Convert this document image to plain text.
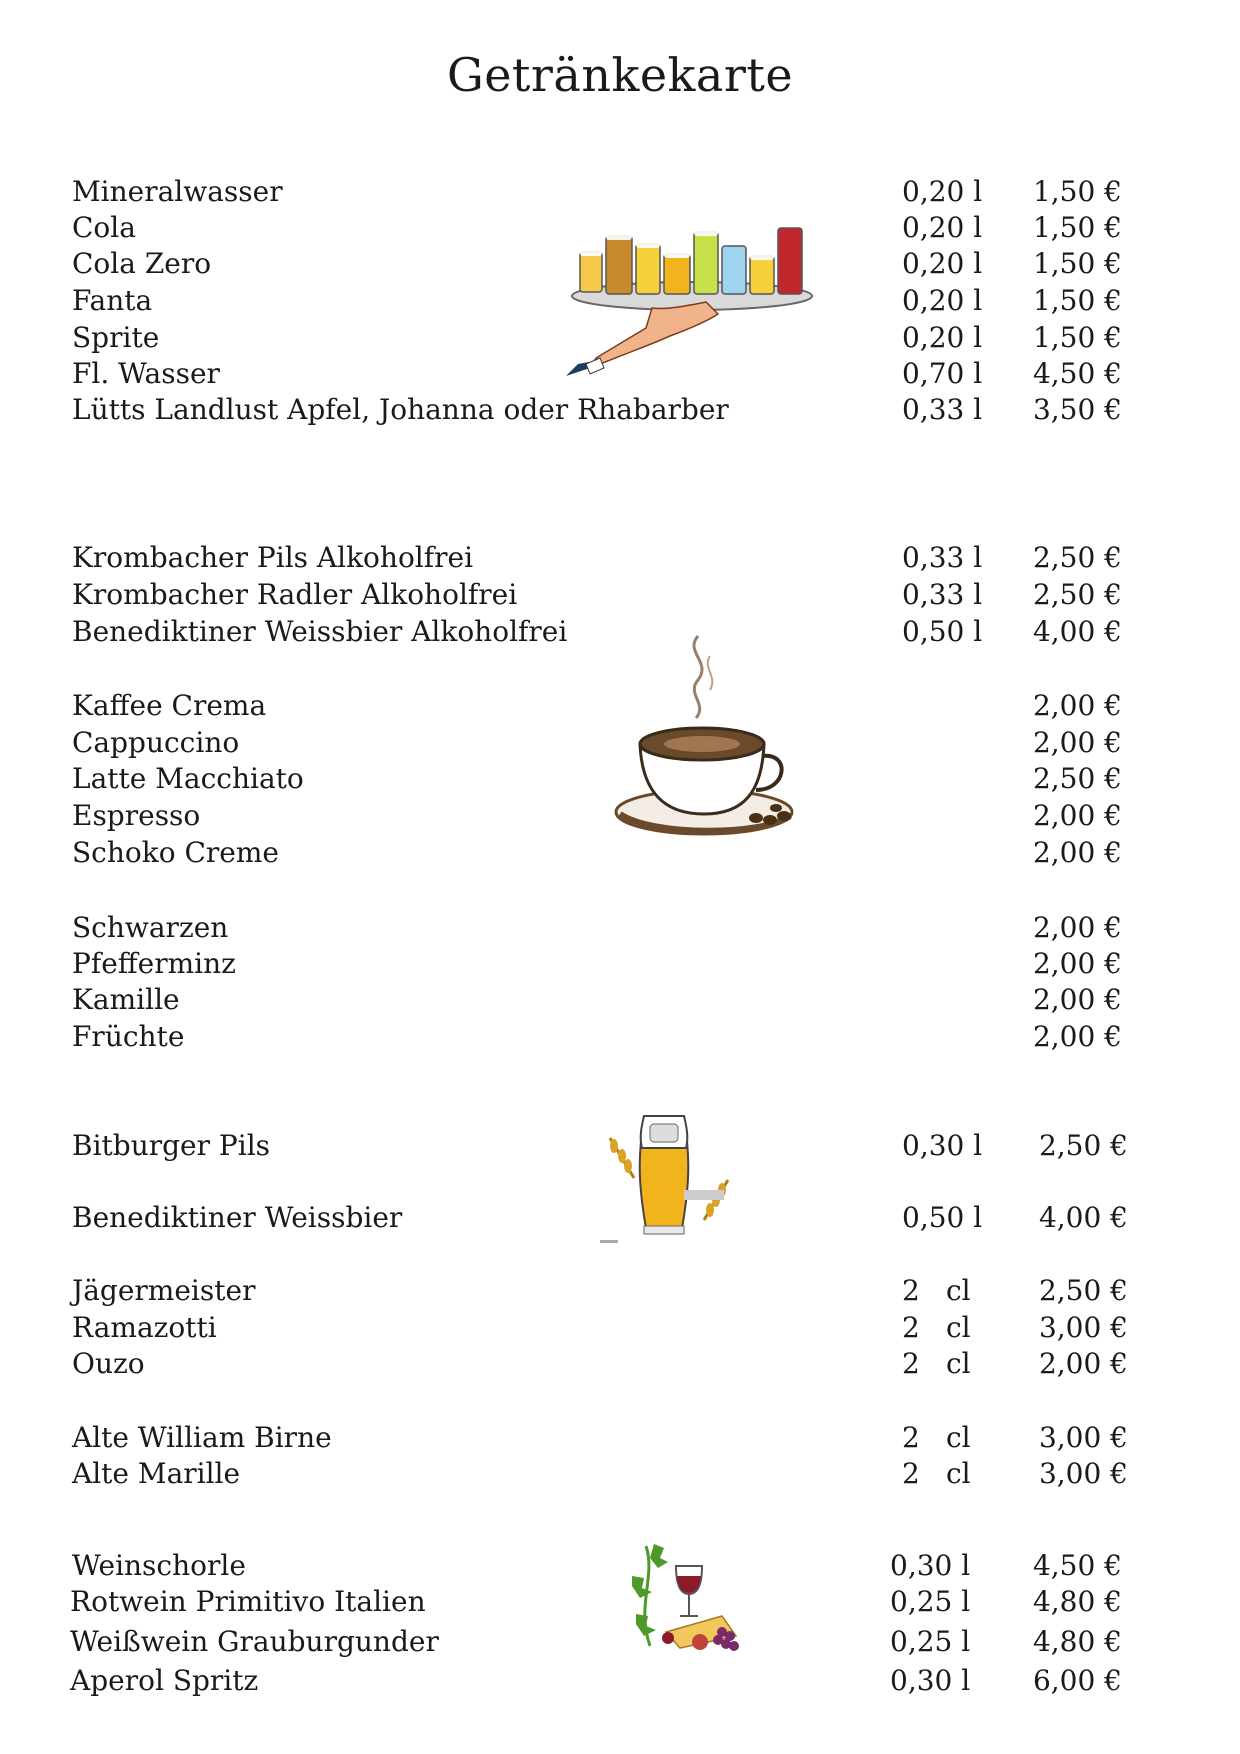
Getränkekarte
Mineralwasser	0,20 l 1,50 €
Cola	0,20 l 1,50 €
Cola Zero	0,20 l 1,50 €
Fanta	0,20 l 1,50 €
Sprite	0,20 l 1,50 €
Fl. Wasser	0,70 l 4,50 €
Lütts Landlust Apfel, Johanna oder Rhabarber	0,33 l 3,50 €
Krombacher Pils Alkoholfrei	0,33 l 2,50 €
Krombacher Radler Alkoholfrei	0,33 l 2,50 €
Benediktiner Weissbier Alkoholfrei	0,50 l 4,00 €
Kaffee Crema	2,00 €
Cappuccino	2,00 €
Latte Macchiato	2,50 €
Espresso	2,00 €
Schoko Creme	2,00 €
Schwarzen	2,00 €
Pfefferminz	2,00 €
Kamille	2,00 €
Früchte	2,00 €
Bitburger Pils	0,30 l 2,50 €
Benediktiner Weissbier	0,50 l 4,00 €
Jägermeister	2 cl 2,50 €
Ramazotti	2 cl 3,00 €
Ouzo	2 cl 2,00 €
Alte William Birne	2 cl 3,00 €
Alte Marille	2 cl 3,00 €
Weinschorle	0,30 l 4,50 €
Rotwein Primitivo Italien	0,25 l 4,80 €
Weißwein Grauburgunder	0,25 l 4,80 €
Aperol Spritz	0,30 l 6,00 €
